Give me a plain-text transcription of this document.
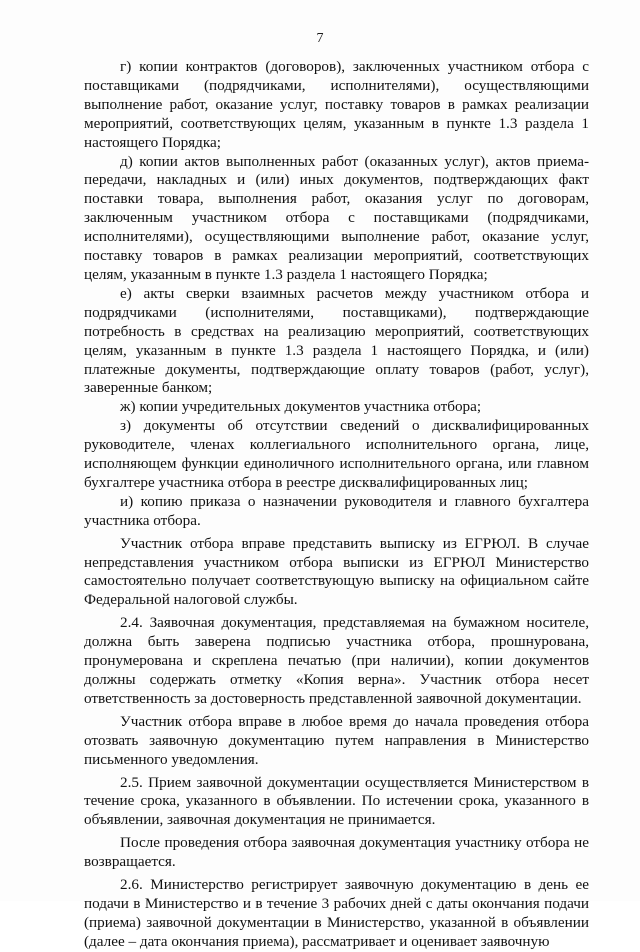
7

г) копии контрактов (договоров), заключенных участником отбора с поставщиками (подрядчиками, исполнителями), осуществляющими выполнение работ, оказание услуг, поставку товаров в рамках реализации мероприятий, соответствующих целям, указанным в пункте 1.3 раздела 1 настоящего Порядка;

д) копии актов выполненных работ (оказанных услуг), актов приема-передачи, накладных и (или) иных документов, подтверждающих факт поставки товара, выполнения работ, оказания услуг по договорам, заключенным участником отбора с поставщиками (подрядчиками, исполнителями), осуществляющими выполнение работ, оказание услуг, поставку товаров в рамках реализации мероприятий, соответствующих целям, указанным в пункте 1.3 раздела 1 настоящего Порядка;

е) акты сверки взаимных расчетов между участником отбора и подрядчиками (исполнителями, поставщиками), подтверждающие потребность в средствах на реализацию мероприятий, соответствующих целям, указанным в пункте 1.3 раздела 1 настоящего Порядка, и (или) платежные документы, подтверждающие оплату товаров (работ, услуг), заверенные банком;

ж) копии учредительных документов участника отбора;

з) документы об отсутствии сведений о дисквалифицированных руководителе, членах коллегиального исполнительного органа, лице, исполняющем функции единоличного исполнительного органа, или главном бухгалтере участника отбора в реестре дисквалифицированных лиц;

и) копию приказа о назначении руководителя и главного бухгалтера участника отбора.

Участник отбора вправе представить выписку из ЕГРЮЛ. В случае непредставления участником отбора выписки из ЕГРЮЛ Министерство самостоятельно получает соответствующую выписку на официальном сайте Федеральной налоговой службы.

2.4. Заявочная документация, представляемая на бумажном носителе, должна быть заверена подписью участника отбора, прошнурована, пронумерована и скреплена печатью (при наличии), копии документов должны содержать отметку «Копия верна». Участник отбора несет ответственность за достоверность представленной заявочной документации.

Участник отбора вправе в любое время до начала проведения отбора отозвать заявочную документацию путем направления в Министерство письменного уведомления.

2.5. Прием заявочной документации осуществляется Министерством в течение срока, указанного в объявлении. По истечении срока, указанного в объявлении, заявочная документация не принимается.

После проведения отбора заявочная документация участнику отбора не возвращается.

2.6. Министерство регистрирует заявочную документацию в день ее подачи в Министерство и в течение 3 рабочих дней с даты окончания подачи (приема) заявочной документации в Министерство, указанной в объявлении (далее – дата окончания приема), рассматривает и оценивает заявочную
